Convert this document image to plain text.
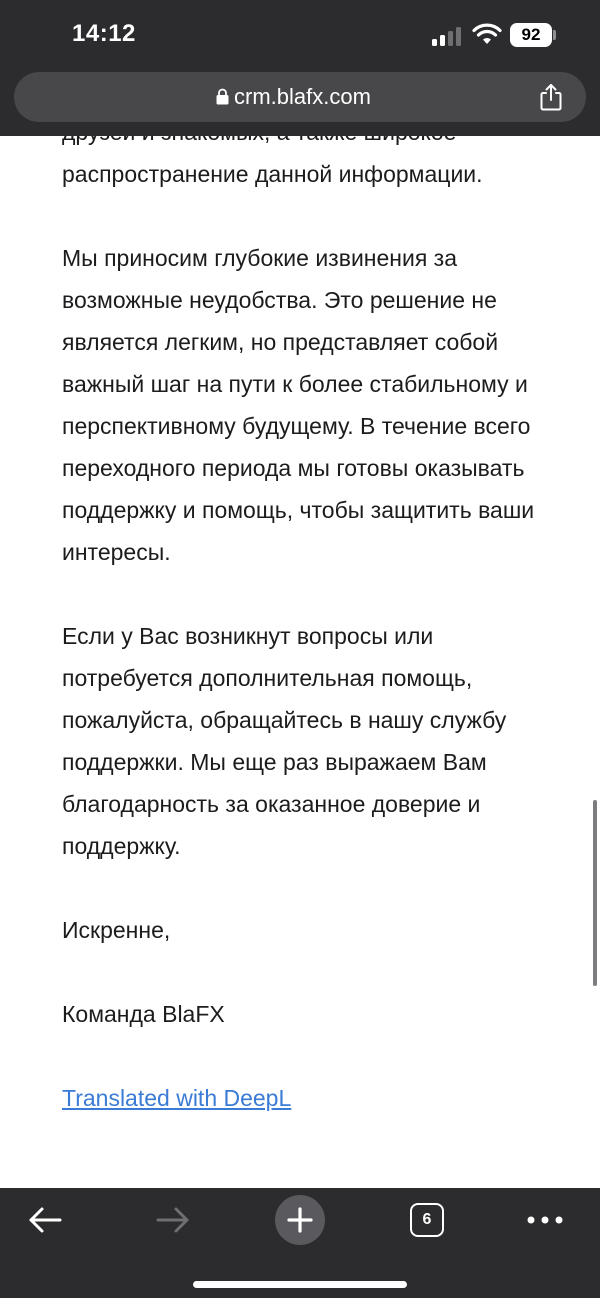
14:12	92
crm.blafx.com

распространение данной информации.

Мы приносим глубокие извинения за возможные неудобства. Это решение не является легким, но представляет собой важный шаг на пути к более стабильному и перспективному будущему. В течение всего переходного периода мы готовы оказывать поддержку и помощь, чтобы защитить ваши интересы.

Если у Вас возникнут вопросы или потребуется дополнительная помощь, пожалуйста, обращайтесь в нашу службу поддержки. Мы еще раз выражаем Вам благодарность за оказанное доверие и поддержку.

Искренне,

Команда BlaFX

Translated with DeepL

6
